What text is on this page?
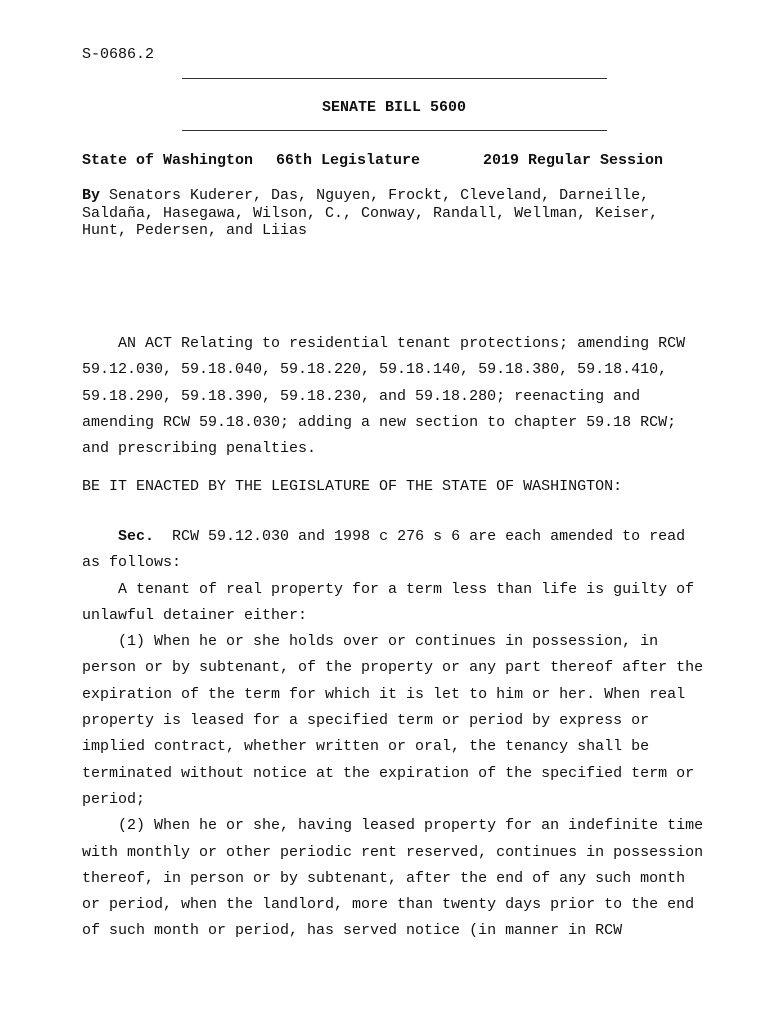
S-0686.2
SENATE BILL 5600
State of Washington 66th Legislature	2019 Regular Session
By Senators Kuderer, Das, Nguyen, Frockt, Cleveland, Darneille, Saldaña, Hasegawa, Wilson, C., Conway, Randall, Wellman, Keiser, Hunt, Pedersen, and Liias
AN ACT Relating to residential tenant protections; amending RCW
59.12.030, 59.18.040, 59.18.220, 59.18.140, 59.18.380, 59.18.410,
59.18.290, 59.18.390, 59.18.230, and 59.18.280; reenacting and
amending RCW 59.18.030; adding a new section to chapter 59.18 RCW;
and prescribing penalties.
BE IT ENACTED BY THE LEGISLATURE OF THE STATE OF WASHINGTON:
Sec.  RCW 59.12.030 and 1998 c 276 s 6 are each amended to read
as follows:
A tenant of real property for a term less than life is guilty of
unlawful detainer either:
(1) When he or she holds over or continues in possession, in
person or by subtenant, of the property or any part thereof after the
expiration of the term for which it is let to him or her. When real
property is leased for a specified term or period by express or
implied contract, whether written or oral, the tenancy shall be
terminated without notice at the expiration of the specified term or
period;
(2) When he or she, having leased property for an indefinite time
with monthly or other periodic rent reserved, continues in possession
thereof, in person or by subtenant, after the end of any such month
or period, when the landlord, more than twenty days prior to the end
of such month or period, has served notice (in manner in RCW
